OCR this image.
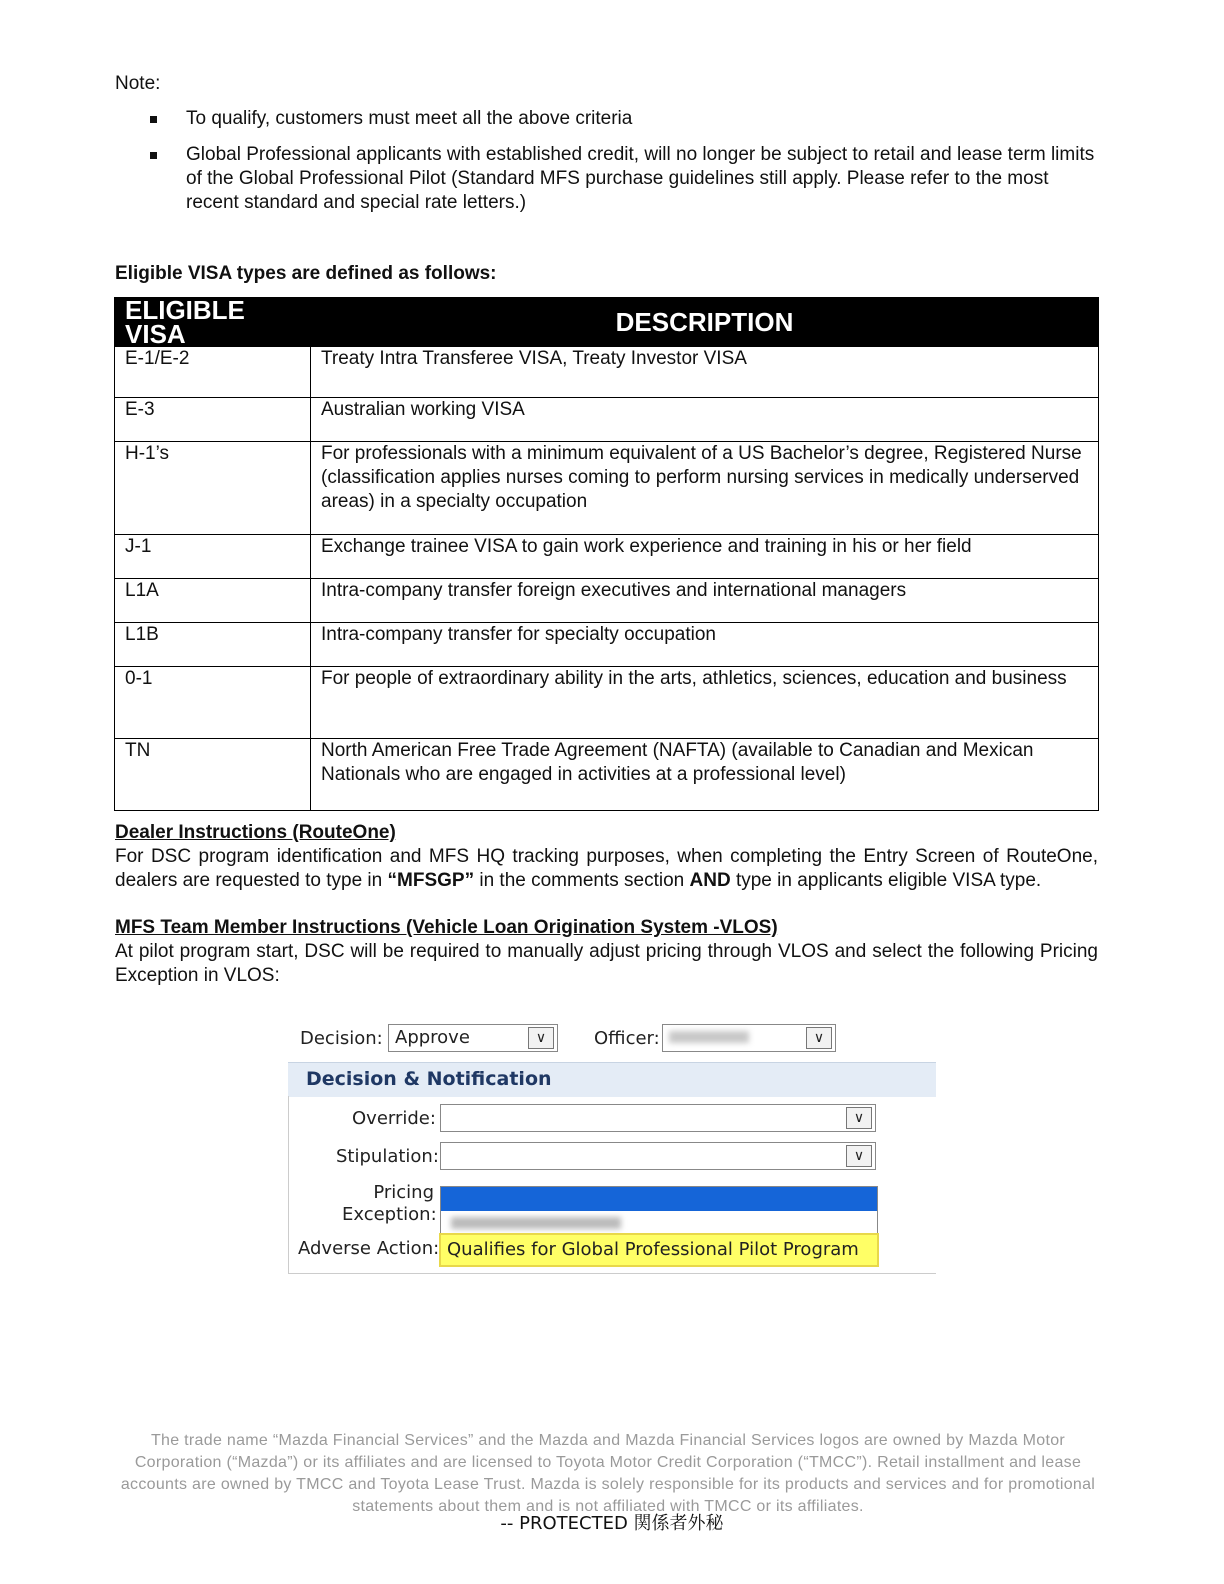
Note:
To qualify, customers must meet all the above criteria
Global Professional applicants with established credit, will no longer be subject to retail and lease term limits of the Global Professional Pilot (Standard MFS purchase guidelines still apply. Please refer to the most recent standard and special rate letters.)
Eligible VISA types are defined as follows:
ELIGIBLE VISA	DESCRIPTION
E-1/E-2	Treaty Intra Transferee VISA, Treaty Investor VISA
E-3	Australian working VISA
H-1’s	For professionals with a minimum equivalent of a US Bachelor’s degree, Registered Nurse (classification applies nurses coming to perform nursing services in medically underserved areas) in a specialty occupation
J-1	Exchange trainee VISA to gain work experience and training in his or her field
L1A	Intra-company transfer foreign executives and international managers
L1B	Intra-company transfer for specialty occupation
0-1	For people of extraordinary ability in the arts, athletics, sciences, education and business
TN	North American Free Trade Agreement (NAFTA) (available to Canadian and Mexican Nationals who are engaged in activities at a professional level)
Dealer Instructions (RouteOne)
For DSC program identification and MFS HQ tracking purposes, when completing the Entry Screen of RouteOne, dealers are requested to type in “MFSGP” in the comments section AND type in applicants eligible VISA type.
MFS Team Member Instructions (Vehicle Loan Origination System -VLOS)
At pilot program start, DSC will be required to manually adjust pricing through VLOS and select the following Pricing Exception in VLOS:
Decision: Approve	∨	Officer:	∨
Decision & Notification
Override:	∨
Stipulation:	∨
Pricing
Exception:
Qualifies for Global Professional Pilot Program
Adverse Action:
The trade name “Mazda Financial Services” and the Mazda and Mazda Financial Services logos are owned by Mazda Motor Corporation (“Mazda”) or its affiliates and are licensed to Toyota Motor Credit Corporation (“TMCC”). Retail installment and lease accounts are owned by TMCC and Toyota Lease Trust. Mazda is solely responsible for its products and services and for promotional statements about them and is not affiliated with TMCC or its affiliates.
-- PROTECTED 関係者外秘
